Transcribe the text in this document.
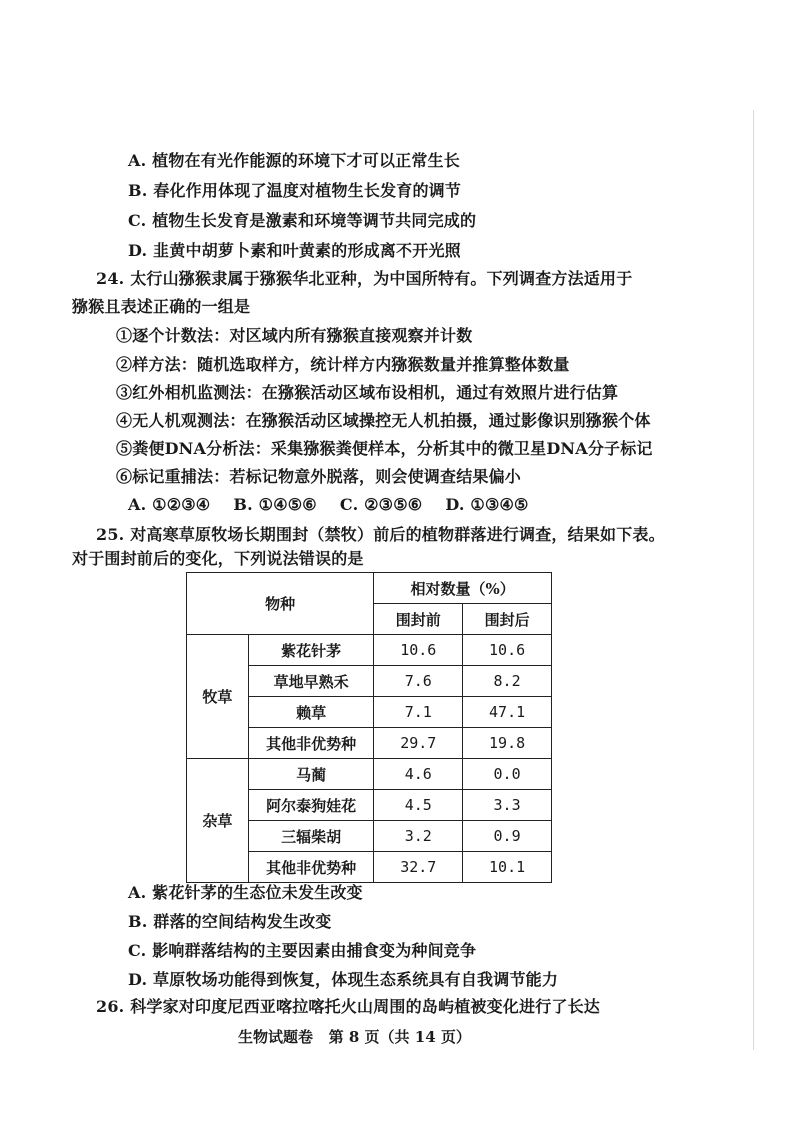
A. 植物在有光作能源的环境下才可以正常生长
B. 春化作用体现了温度对植物生长发育的调节
C. 植物生长发育是激素和环境等调节共同完成的
D. 韭黄中胡萝卜素和叶黄素的形成离不开光照
24. 太行山猕猴隶属于猕猴华北亚种，为中国所特有。下列调查方法适用于
猕猴且表述正确的一组是
①逐个计数法：对区域内所有猕猴直接观察并计数
②样方法：随机选取样方，统计样方内猕猴数量并推算整体数量
③红外相机监测法：在猕猴活动区域布设相机，通过有效照片进行估算
④无人机观测法：在猕猴活动区域操控无人机拍摄，通过影像识别猕猴个体
⑤粪便DNA分析法：采集猕猴粪便样本，分析其中的微卫星DNA分子标记
⑥标记重捕法：若标记物意外脱落，则会使调查结果偏小
A. ①②③④    B. ①④⑤⑥    C. ②③⑤⑥    D. ①③④⑤
25. 对高寒草原牧场长期围封（禁牧）前后的植物群落进行调查，结果如下表。
对于围封前后的变化，下列说法错误的是
物种		相对数量（%）	
		围封前	围封后
牧草	紫花针茅	10.6	10.6
	草地早熟禾	7.6	8.2
	赖草	7.1	47.1
	其他非优势种	29.7	19.8
杂草	马蔺	4.6	0.0
	阿尔泰狗娃花	4.5	3.3
	三辐柴胡	3.2	0.9
	其他非优势种	32.7	10.1
A. 紫花针茅的生态位未发生改变
B. 群落的空间结构发生改变
C. 影响群落结构的主要因素由捕食变为种间竞争
D. 草原牧场功能得到恢复，体现生态系统具有自我调节能力
26. 科学家对印度尼西亚喀拉喀托火山周围的岛屿植被变化进行了长达
生物试题卷   第 8 页（共 14 页）
